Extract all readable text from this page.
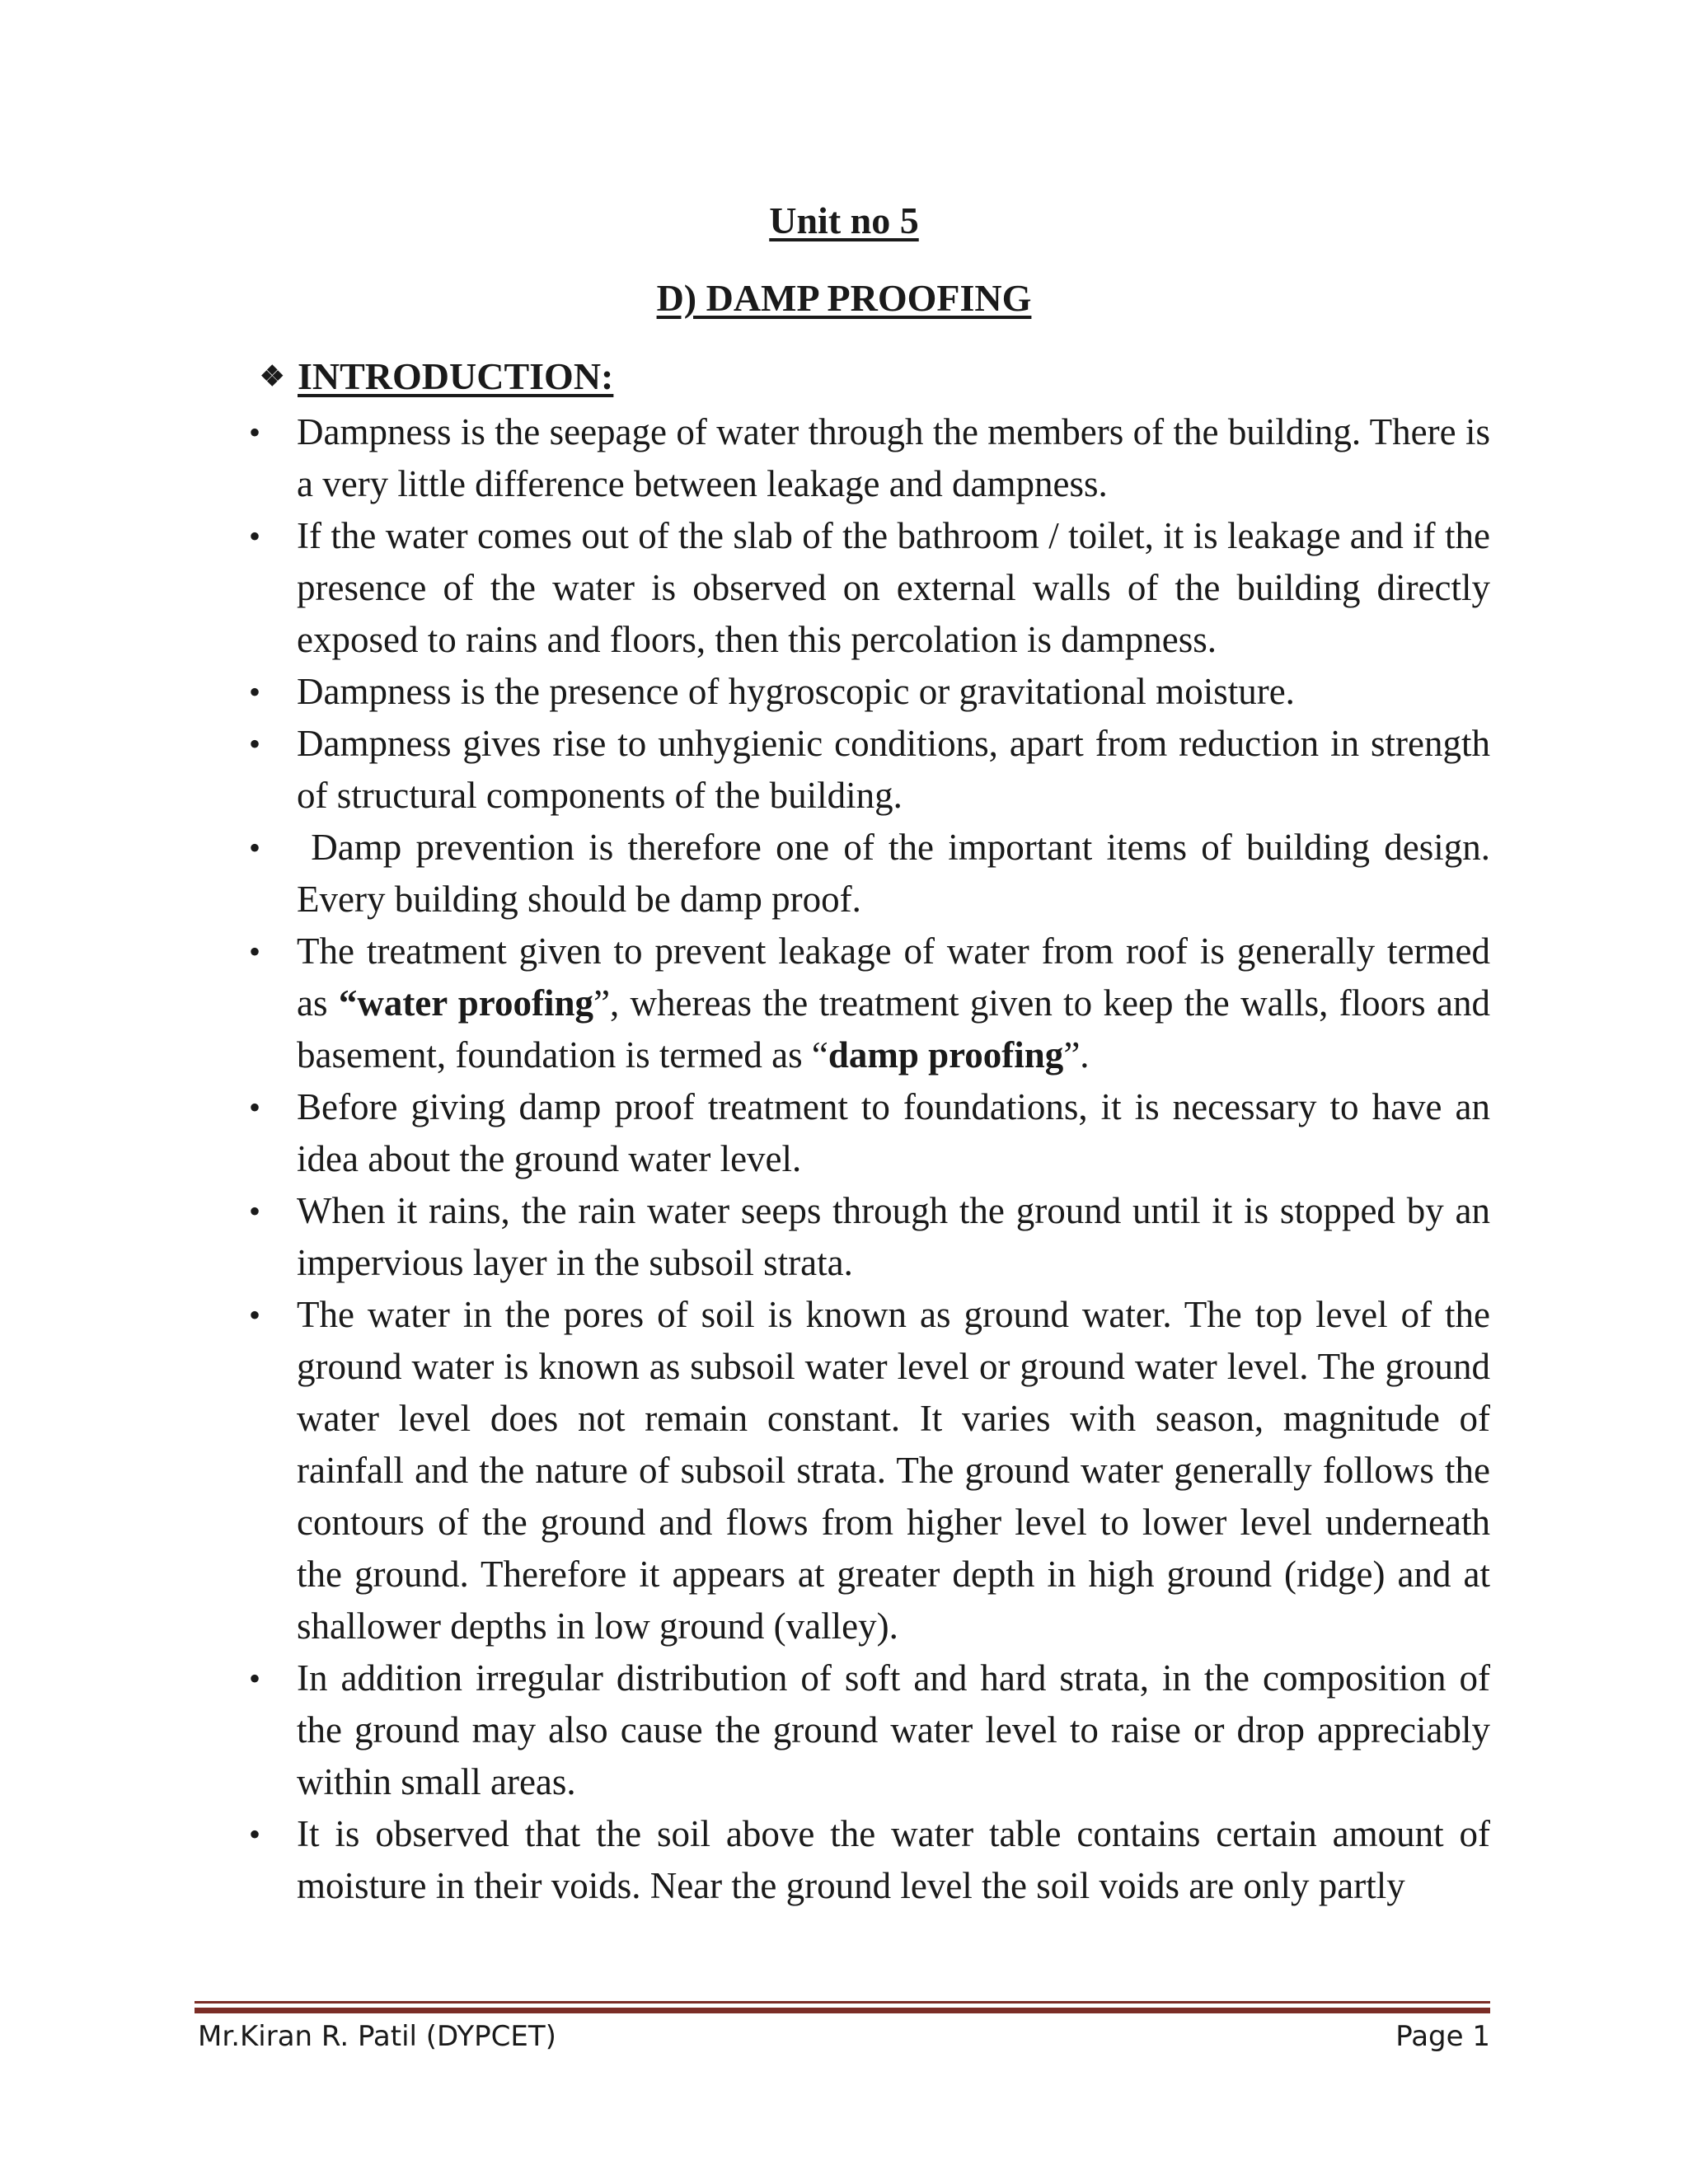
Unit no 5
D) DAMP PROOFING
❖ INTRODUCTION:
• Dampness is the seepage of water through the members of the building. There is a very little difference between leakage and dampness.
• If the water comes out of the slab of the bathroom / toilet, it is leakage and if the presence of the water is observed on external walls of the building directly exposed to rains and floors, then this percolation is dampness.
• Dampness is the presence of hygroscopic or gravitational moisture.
• Dampness gives rise to unhygienic conditions, apart from reduction in strength of structural components of the building.
• Damp prevention is therefore one of the important items of building design. Every building should be damp proof.
• The treatment given to prevent leakage of water from roof is generally termed as “water proofing”, whereas the treatment given to keep the walls, floors and basement, foundation is termed as “damp proofing”.
• Before giving damp proof treatment to foundations, it is necessary to have an idea about the ground water level.
• When it rains, the rain water seeps through the ground until it is stopped by an impervious layer in the subsoil strata.
• The water in the pores of soil is known as ground water. The top level of the ground water is known as subsoil water level or ground water level. The ground water level does not remain constant. It varies with season, magnitude of rainfall and the nature of subsoil strata. The ground water generally follows the contours of the ground and flows from higher level to lower level underneath the ground. Therefore it appears at greater depth in high ground (ridge) and at shallower depths in low ground (valley).
• In addition irregular distribution of soft and hard strata, in the composition of the ground may also cause the ground water level to raise or drop appreciably within small areas.
• It is observed that the soil above the water table contains certain amount of moisture in their voids. Near the ground level the soil voids are only partly
Mr.Kiran R. Patil (DYPCET)	Page 1
